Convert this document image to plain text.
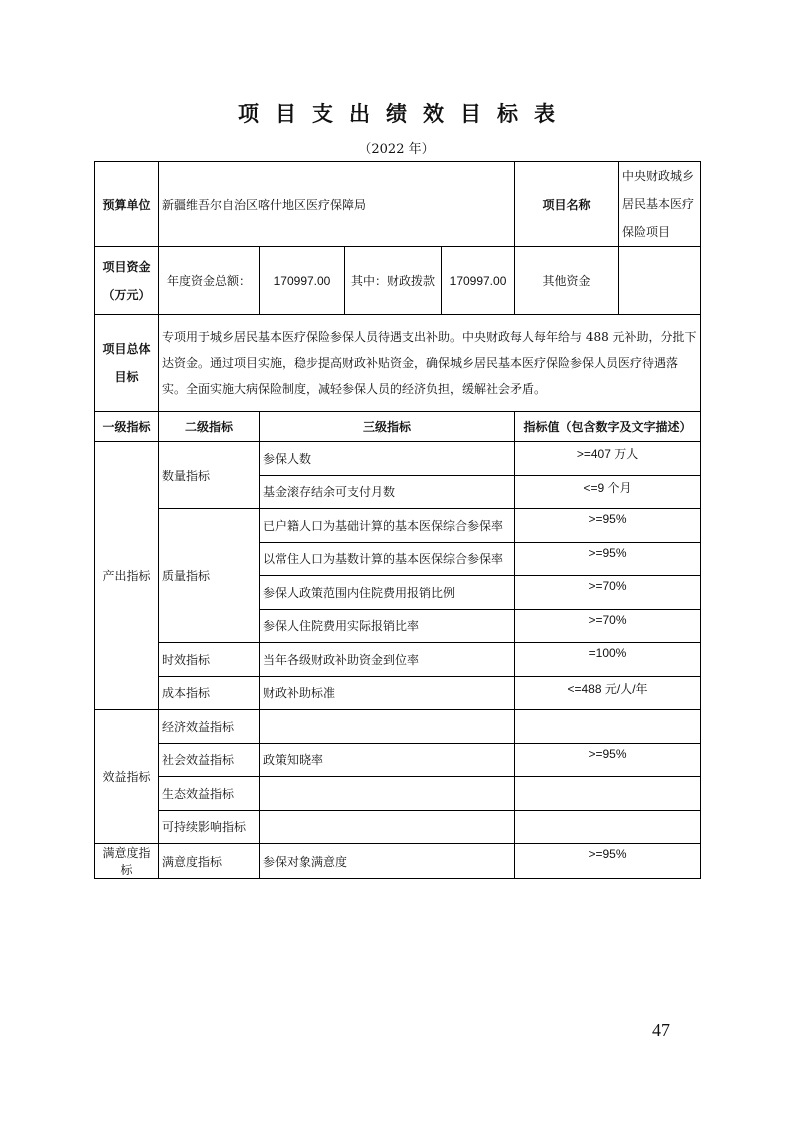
项目支出绩效目标表
（2022 年）
预算单位	新疆维吾尔自治区喀什地区医疗保障局				项目名称	中央财政城乡居民基本医疗保险项目
项目资金（万元）	年度资金总额：	170997.00	其中：财政拨款	170997.00	其他资金	
项目总体目标	专项用于城乡居民基本医疗保险参保人员待遇支出补助。中央财政每人每年给与 488 元补助，分批下达资金。通过项目实施，稳步提高财政补贴资金，确保城乡居民基本医疗保险参保人员医疗待遇落实。全面实施大病保险制度，减轻参保人员的经济负担，缓解社会矛盾。					
一级指标	二级指标	三级指标			指标值（包含数字及文字描述）	
产出指标	数量指标	参保人数			>=407 万人	
		基金滚存结余可支付月数			<=9 个月	
	质量指标	已户籍人口为基础计算的基本医保综合参保率			>=95%	
		以常住人口为基数计算的基本医保综合参保率			>=95%	
		参保人政策范围内住院费用报销比例			>=70%	
		参保人住院费用实际报销比率			>=70%	
	时效指标	当年各级财政补助资金到位率			=100%	
	成本指标	财政补助标准			<=488 元/人/年	
效益指标	经济效益指标					
	社会效益指标	政策知晓率			>=95%	
	生态效益指标					
	可持续影响指标					
满意度指标	满意度指标	参保对象满意度			>=95%	
47
